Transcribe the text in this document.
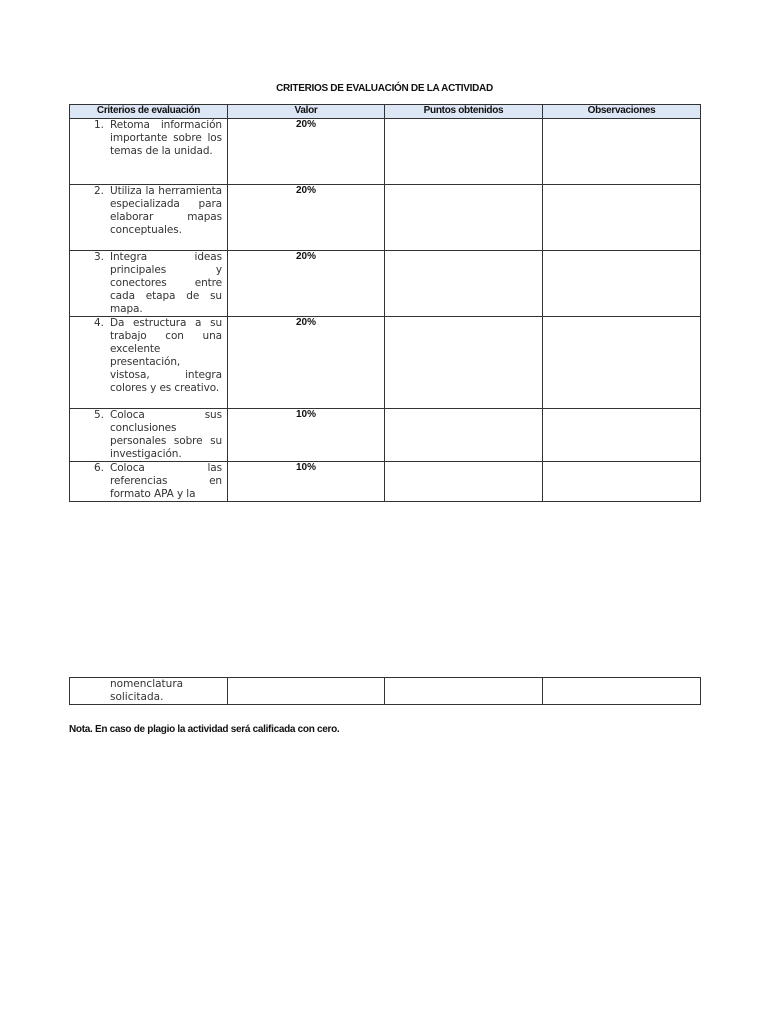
CRITERIOS DE EVALUACIÓN DE LA ACTIVIDAD
Criterios de evaluación	Valor	Puntos obtenidos	Observaciones

1. Retoma información importante sobre los temas de la unidad.	20%		

2. Utiliza la herramienta especializada para elaborar mapas conceptuales.	20%		

3. Integra ideas principales y conectores entre cada etapa de su mapa.	20%		

4. Da estructura a su trabajo con una excelente presentación, vistosa, integra colores y es creativo.	20%		

5. Coloca sus conclusiones personales sobre su investigación.	10%		

6. Coloca las referencias en formato APA y la	10%		
nomenclatura solicitada.

Nota. En caso de plagio la actividad será calificada con cero.
